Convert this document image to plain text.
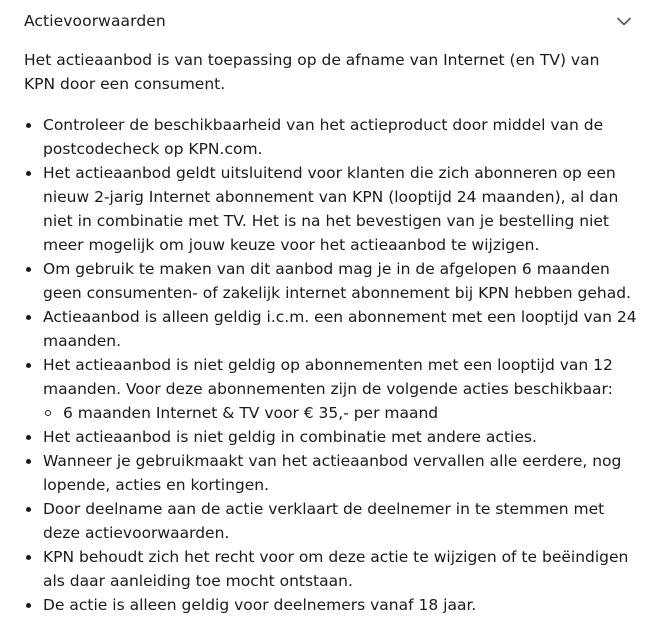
Actievoorwaarden

Het actieaanbod is van toepassing op de afname van Internet (en TV) van KPN door een consument.

Controleer de beschikbaarheid van het actieproduct door middel van de postcodecheck op KPN.com.
Het actieaanbod geldt uitsluitend voor klanten die zich abonneren op een nieuw 2-jarig Internet abonnement van KPN (looptijd 24 maanden), al dan niet in combinatie met TV. Het is na het bevestigen van je bestelling niet meer mogelijk om jouw keuze voor het actieaanbod te wijzigen.
Om gebruik te maken van dit aanbod mag je in de afgelopen 6 maanden geen consumenten- of zakelijk internet abonnement bij KPN hebben gehad.
Actieaanbod is alleen geldig i.c.m. een abonnement met een looptijd van 24 maanden.
Het actieaanbod is niet geldig op abonnementen met een looptijd van 12 maanden. Voor deze abonnementen zijn de volgende acties beschikbaar:
6 maanden Internet & TV voor € 35,- per maand
Het actieaanbod is niet geldig in combinatie met andere acties.
Wanneer je gebruikmaakt van het actieaanbod vervallen alle eerdere, nog lopende, acties en kortingen.
Door deelname aan de actie verklaart de deelnemer in te stemmen met deze actievoorwaarden.
KPN behoudt zich het recht voor om deze actie te wijzigen of te beëindigen als daar aanleiding toe mocht ontstaan.
De actie is alleen geldig voor deelnemers vanaf 18 jaar.
